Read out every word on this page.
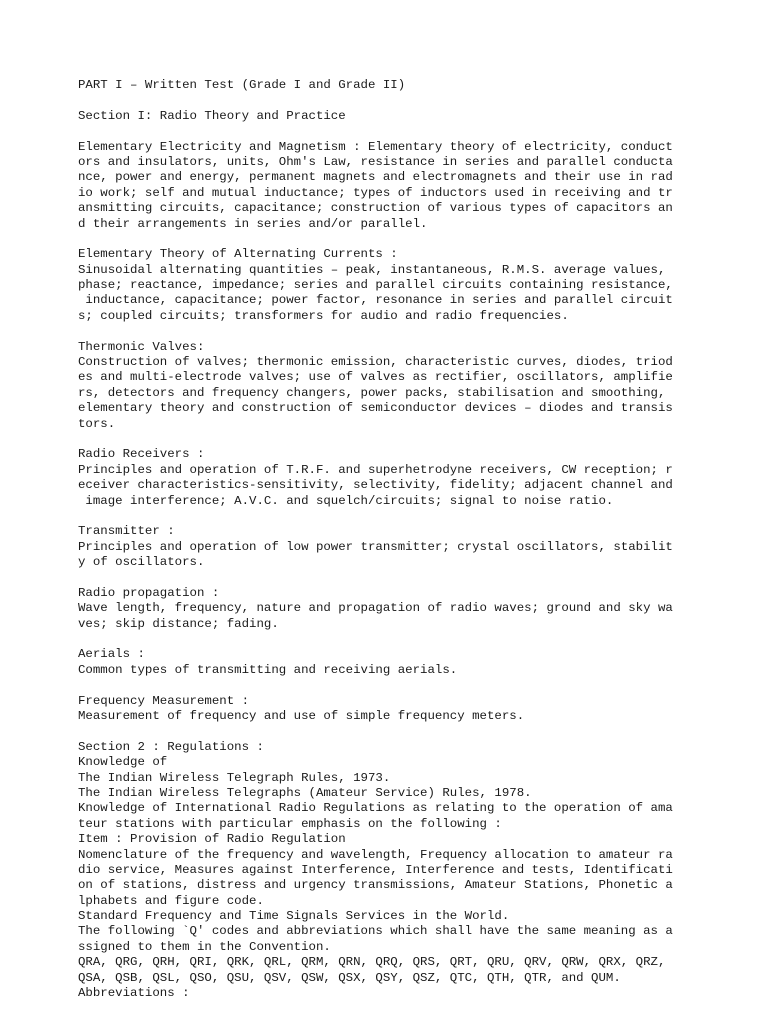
PART I – Written Test (Grade I and Grade II)
Section I: Radio Theory and Practice
Elementary Electricity and Magnetism : Elementary theory of electricity, conduct
ors and insulators, units, Ohm's Law, resistance in series and parallel conducta
nce, power and energy, permanent magnets and electromagnets and their use in rad
io work; self and mutual inductance; types of inductors used in receiving and tr
ansmitting circuits, capacitance; construction of various types of capacitors an
d their arrangements in series and/or parallel.
Elementary Theory of Alternating Currents :
Sinusoidal alternating quantities – peak, instantaneous, R.M.S. average values,
phase; reactance, impedance; series and parallel circuits containing resistance,
inductance, capacitance; power factor, resonance in series and parallel circuit
s; coupled circuits; transformers for audio and radio frequencies.
Thermonic Valves:
Construction of valves; thermonic emission, characteristic curves, diodes, triod
es and multi-electrode valves; use of valves as rectifier, oscillators, amplifie
rs, detectors and frequency changers, power packs, stabilisation and smoothing,
elementary theory and construction of semiconductor devices – diodes and transis
tors.
Radio Receivers :
Principles and operation of T.R.F. and superhetrodyne receivers, CW reception; r
eceiver characteristics-sensitivity, selectivity, fidelity; adjacent channel and
image interference; A.V.C. and squelch/circuits; signal to noise ratio.
Transmitter :
Principles and operation of low power transmitter; crystal oscillators, stabilit
y of oscillators.
Radio propagation :
Wave length, frequency, nature and propagation of radio waves; ground and sky wa
ves; skip distance; fading.
Aerials :
Common types of transmitting and receiving aerials.
Frequency Measurement :
Measurement of frequency and use of simple frequency meters.
Section 2 : Regulations :
Knowledge of
The Indian Wireless Telegraph Rules, 1973.
The Indian Wireless Telegraphs (Amateur Service) Rules, 1978.
Knowledge of International Radio Regulations as relating to the operation of ama
teur stations with particular emphasis on the following :
Item : Provision of Radio Regulation
Nomenclature of the frequency and wavelength, Frequency allocation to amateur ra
dio service, Measures against Interference, Interference and tests, Identificati
on of stations, distress and urgency transmissions, Amateur Stations, Phonetic a
lphabets and figure code.
Standard Frequency and Time Signals Services in the World.
The following `Q' codes and abbreviations which shall have the same meaning as a
ssigned to them in the Convention.
QRA, QRG, QRH, QRI, QRK, QRL, QRM, QRN, QRQ, QRS, QRT, QRU, QRV, QRW, QRX, QRZ,
QSA, QSB, QSL, QSO, QSU, QSV, QSW, QSX, QSY, QSZ, QTC, QTH, QTR, and QUM.
Abbreviations :
